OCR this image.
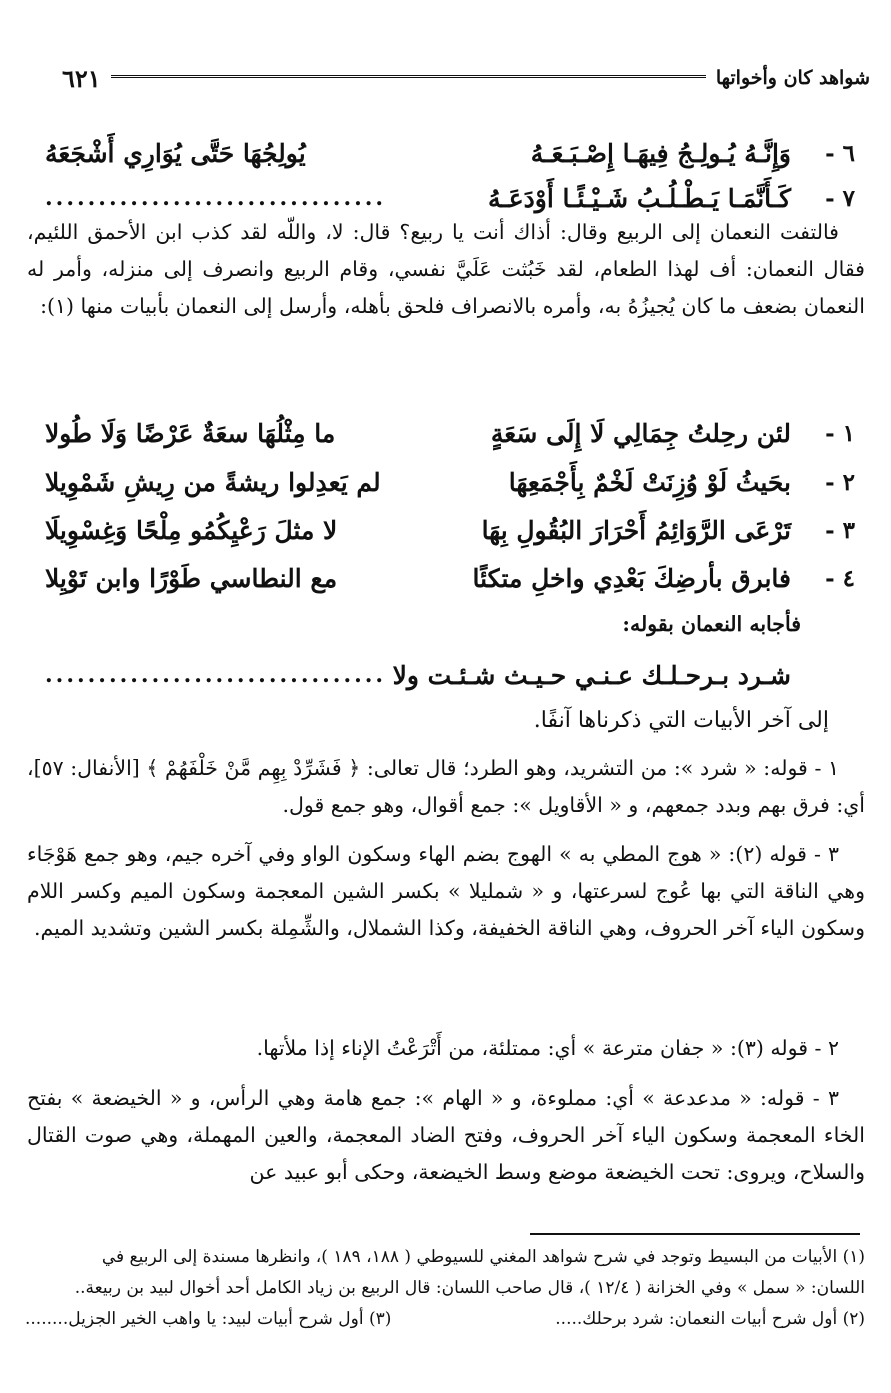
شواهد كان وأخواتها
٦٢١
٦ -
وَإِنَّـهُ يُـولِـجُ فِيهَـا إِصْـبَـعَـهُ
يُولِجُهَا حَتَّى يُوَارِي أَشْجَعَهُ
٧ -
كَـأَنَّمَـا يَـطْـلُـبُ شَـيْـئًـا أَوْدَعَـهُ
................................

فالتفت النعمان إلى الربيع وقال: أذاك أنت يا ربيع؟ قال: لا، واللّه لقد كذب ابن الأحمق اللئيم، فقال النعمان: أف لهذا الطعام، لقد خَبُثت عَلَيَّ نفسي، وقام الربيع وانصرف إلى منزله، وأمر له النعمان بضعف ما كان يُجيزُهُ به، وأمره بالانصراف فلحق بأهله، وأرسل إلى النعمان بأبيات منها (١):

١ -
لئن رحِلتُ جِمَالِي لَا إِلَى سَعَةٍ
ما مِثْلُهَا سعَةٌ عَرْضًا وَلَا طُولا
٢ -
بحَيثُ لَوْ وُزِنَتْ لَخْمٌ بِأَجْمَعِهَا
لم يَعدِلوا ريشةً من رِيشِ شَمْوِيلا
٣ -
تَرْعَى الرَّوَائِمُ أَحْرَارَ البُقُولِ بِهَا
لا مثلَ رَعْيِكُمُو مِلْحًا وَغِسْوِيلَا
٤ -
فابرق بأرضِكَ بَعْدِي واخلِ متكئًا
مع النطاسي طَوْرًا وابن تَوْيِلا

فأجابه النعمان بقوله:

شـرد بـرحـلـك عـنـي حـيـث شـئـت ولا
................................

إلى آخر الأبيات التي ذكرناها آنفًا.

١ - قوله: « شرد »: من التشريد، وهو الطرد؛ قال تعالى: ﴿ فَشَرِّدْ بِهِم مَّنْ خَلْفَهُمْ ﴾ [الأنفال: ٥٧]، أي: فرق بهم وبدد جمعهم، و « الأقاويل »: جمع أقوال، وهو جمع قول.

٣ - قوله (٢): « هوج المطي به » الهوج بضم الهاء وسكون الواو وفي آخره جيم، وهو جمع هَوْجَاء وهي الناقة التي بها عُوج لسرعتها، و « شمليلا » بكسر الشين المعجمة وسكون الميم وكسر اللام وسكون الياء آخر الحروف، وهي الناقة الخفيفة، وكذا الشملال، والشِّمِلة بكسر الشين وتشديد الميم.

٢ - قوله (٣): « جفان مترعة » أي: ممتلئة، من أَتْرَعْتُ الإناء إذا ملأتها.

٣ - قوله: « مدعدعة » أي: مملوءة، و « الهام »: جمع هامة وهي الرأس، و « الخيضعة » بفتح الخاء المعجمة وسكون الياء آخر الحروف، وفتح الضاد المعجمة، والعين المهملة، وهي صوت القتال والسلاح، ويروى: تحت الخيضعة موضع وسط الخيضعة، وحكى أبو عبيد عن

(١) الأبيات من البسيط وتوجد في شرح شواهد المغني للسيوطي ( ١٨٨، ١٨٩ )، وانظرها مسندة إلى الربيع في
اللسان: « سمل » وفي الخزانة ( ١٢/٤ )، قال صاحب اللسان: قال الربيع بن زياد الكامل أحد أخوال لبيد بن ربيعة..
(٢) أول شرح أبيات النعمان: شرد برحلك.....
(٣) أول شرح أبيات لبيد: يا واهب الخير الجزيل........
